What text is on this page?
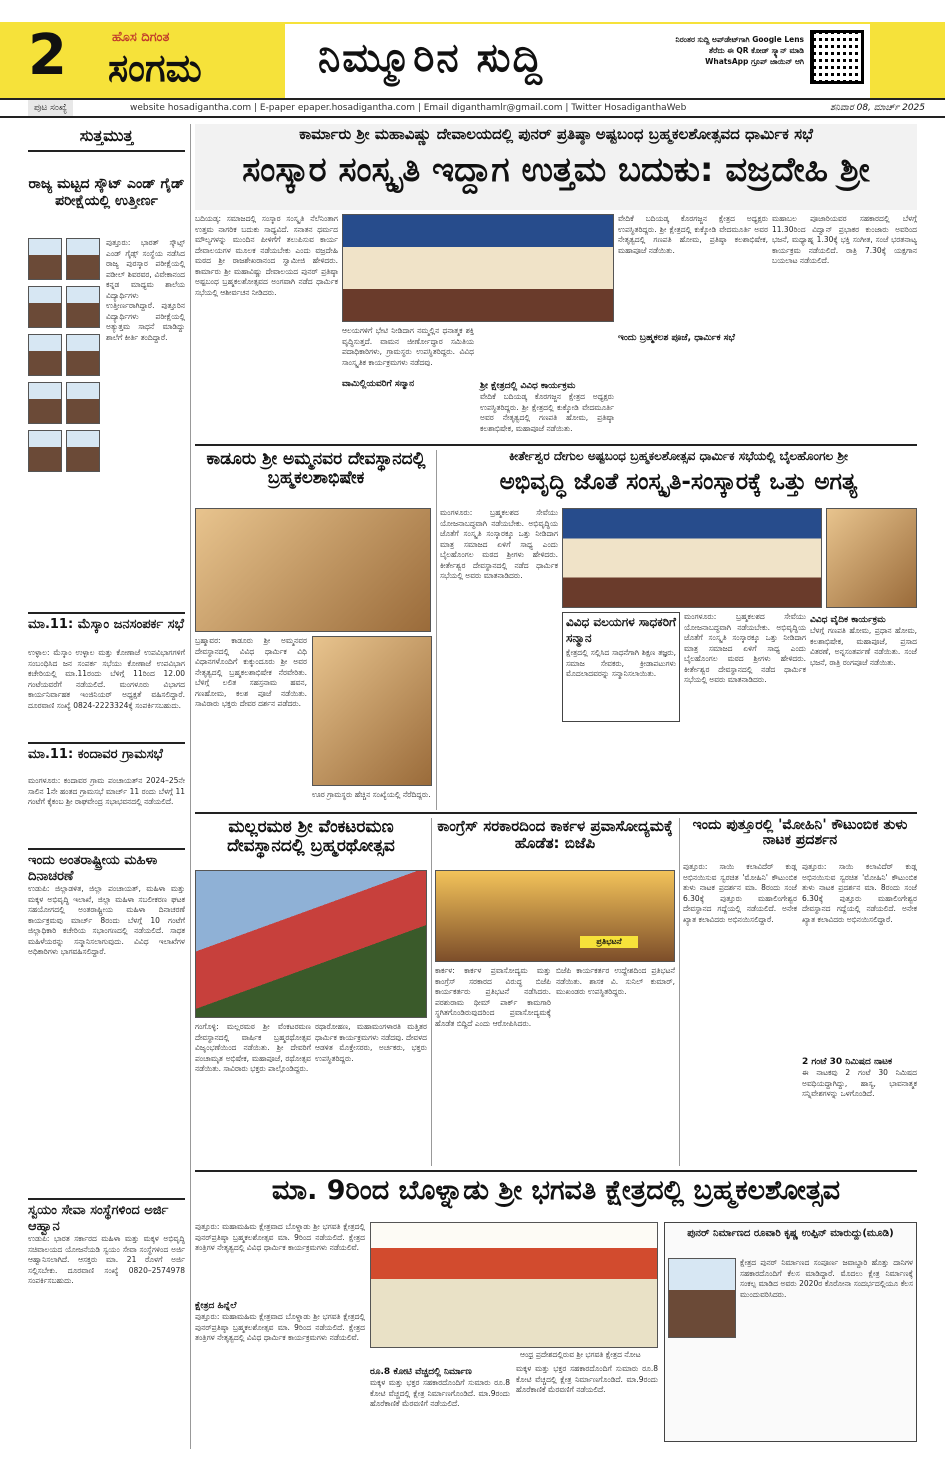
2	ಹೊಸ ದಿಗಂತ
ಸಂಗಮ	ನಿಮ್ಮೂರಿನ ಸುದ್ದಿ	ನಿರಂತರ ಸುದ್ದಿ ಅಪ್‌ಡೇಟ್‌ಗಾಗಿ Google Lens ತೆರೆದು ಈ QR ಕೋಡ್ ಸ್ಕ್ಯಾನ್ ಮಾಡಿ WhatsApp ಗ್ರೂಪ್ ಜಾಯಿನ್ ಆಗಿ
ಪುಟ ಸಂಖ್ಯೆ	website hosadiganthа.com | E-paper epaper.hosadigantha.com | Email diganthamlr@gmail.com | Twitter HosadiganthaWeb	ಶನಿವಾರ 08, ಮಾರ್ಚ್ 2025
ಸುತ್ತಮುತ್ತ
ರಾಜ್ಯ ಮಟ್ಟದ ಸ್ಕೌಟ್ ಎಂಡ್ ಗೈಡ್ ಪರೀಕ್ಷೆಯಲ್ಲಿ ಉತ್ತೀರ್ಣ
ಪುತ್ತೂರು: ಭಾರತ್ ಸ್ಕೌಟ್ಸ್ ಎಂಡ್ ಗೈಡ್ಸ್ ಸಂಸ್ಥೆಯ ನಡೆಸಿದ ರಾಜ್ಯ ಪುರಸ್ಕಾರ ಪರೀಕ್ಷೆಯಲ್ಲಿ ಪಡೀಲ್ ಶಿವರವರ, ವಿವೇಕಾನಂದ ಕನ್ನಡ ಮಾಧ್ಯಮ ಶಾಲೆಯ ವಿದ್ಯಾರ್ಥಿಗಳು ಉತ್ತೀರ್ಣರಾಗಿದ್ದಾರೆ. ಪುತ್ತೂರಿನ ವಿದ್ಯಾರ್ಥಿಗಳು ಪರೀಕ್ಷೆಯಲ್ಲಿ ಅತ್ಯುತ್ತಮ ಸಾಧನೆ ಮಾಡಿದ್ದು ಶಾಲೆಗೆ ಕೀರ್ತಿ ತಂದಿದ್ದಾರೆ.
ಮಾ.11: ಮೆಸ್ಕಾಂ ಜನಸಂಪರ್ಕ ಸಭೆ
ಉಳ್ಳಾಲ: ಮೆಸ್ಕಾಂ ಉಳ್ಳಾಲ ಮತ್ತು ಕೋಣಾಜೆ ಉಪವಿಭಾಗಗಳಿಗೆ ಸಂಬಂಧಿಸಿದ ಜನ ಸಂಪರ್ಕ ಸಭೆಯು ಕೋಣಾಜೆ ಉಪವಿಭಾಗ ಕಚೇರಿಯಲ್ಲಿ ಮಾ.11ರಂದು ಬೆಳಿಗ್ಗೆ 11ರಿಂದ 12.00 ಗಂಟೆಯವರೆಗೆ ನಡೆಯಲಿದೆ. ಮಂಗಳೂರು ವಿಭಾಗದ ಕಾರ್ಯನಿರ್ವಾಹಕ ಇಂಜಿನಿಯರ್ ಅಧ್ಯಕ್ಷತೆ ವಹಿಸಲಿದ್ದಾರೆ. ದೂರವಾಣಿ ಸಂಖ್ಯೆ 0824-2223324ಕ್ಕೆ ಸಂಪರ್ಕಿಸಬಹುದು.
ಮಾ.11: ಕಂದಾವರ ಗ್ರಾಮಸಭೆ
ಮಂಗಳೂರು: ಕಂದಾವರ ಗ್ರಾಮ ಪಂಚಾಯತ್‌ನ 2024–25ನೇ ಸಾಲಿನ 1ನೇ ಹಂತದ ಗ್ರಾಮಸಭೆ ಮಾರ್ಚ್ 11 ರಂದು ಬೆಳಗ್ಗೆ 11 ಗಂಟೆಗೆ ಕೈಕಂಬ ಶ್ರೀ ರಾಘವೇಂದ್ರ ಸಭಾಭವನದಲ್ಲಿ ನಡೆಯಲಿದೆ.
ಇಂದು ಅಂತರಾಷ್ಟ್ರೀಯ ಮಹಿಳಾ ದಿನಾಚರಣೆ
ಉಡುಪಿ: ಜಿಲ್ಲಾಡಳಿತ, ಜಿಲ್ಲಾ ಪಂಚಾಯತ್, ಮಹಿಳಾ ಮತ್ತು ಮಕ್ಕಳ ಅಭಿವೃದ್ಧಿ ಇಲಾಖೆ, ಜಿಲ್ಲಾ ಮಹಿಳಾ ಸಬಲೀಕರಣ ಘಟಕ ಸಹಯೋಗದಲ್ಲಿ ಅಂತರಾಷ್ಟ್ರೀಯ ಮಹಿಳಾ ದಿನಾಚರಣೆ ಕಾರ್ಯಕ್ರಮವು ಮಾರ್ಚ್ 8ರಂದು ಬೆಳಗ್ಗೆ 10 ಗಂಟೆಗೆ ಜಿಲ್ಲಾಧಿಕಾರಿ ಕಚೇರಿಯ ಸಭಾಂಗಣದಲ್ಲಿ ನಡೆಯಲಿದೆ. ಸಾಧಕ ಮಹಿಳೆಯರನ್ನು ಸನ್ಮಾನಿಸಲಾಗುವುದು. ವಿವಿಧ ಇಲಾಖೆಗಳ ಅಧಿಕಾರಿಗಳು ಭಾಗವಹಿಸಲಿದ್ದಾರೆ.
ಸ್ವಯಂ ಸೇವಾ ಸಂಸ್ಥೆಗಳಿಂದ ಅರ್ಜಿ ಆಹ್ವಾನ
ಉಡುಪಿ: ಭಾರತ ಸರ್ಕಾರದ ಮಹಿಳಾ ಮತ್ತು ಮಕ್ಕಳ ಅಭಿವೃದ್ಧಿ ಸಚಿವಾಲಯದ ಯೋಜನೆಯಡಿ ಸ್ವಯಂ ಸೇವಾ ಸಂಸ್ಥೆಗಳಿಂದ ಅರ್ಜಿ ಆಹ್ವಾನಿಸಲಾಗಿದೆ. ಆಸಕ್ತರು ಮಾ. 21 ರೊಳಗೆ ಅರ್ಜಿ ಸಲ್ಲಿಸಬೇಕು. ದೂರವಾಣಿ ಸಂಖ್ಯೆ 0820–2574978 ಸಂಪರ್ಕಿಸಬಹುದು.
ಕಾರ್ಮಾರು ಶ್ರೀ ಮಹಾವಿಷ್ಣು ದೇವಾಲಯದಲ್ಲಿ ಪುನರ್ ಪ್ರತಿಷ್ಠಾ ಅಷ್ಟಬಂಧ ಬ್ರಹ್ಮಕಲಶೋತ್ಸವದ ಧಾರ್ಮಿಕ ಸಭೆ
ಸಂಸ್ಕಾರ ಸಂಸ್ಕೃತಿ ಇದ್ದಾಗ ಉತ್ತಮ ಬದುಕು: ವಜ್ರದೇಹಿ ಶ್ರೀ
ಬದಿಯಡ್ಕ: ಸಮಾಜದಲ್ಲಿ ಸಂಸ್ಕಾರ ಸಂಸ್ಕೃತಿ ನೆಲೆನಿಂತಾಗ ಉತ್ತಮ ನಾಗರಿಕ ಬದುಕು ಸಾಧ್ಯವಿದೆ. ಸನಾತನ ಧರ್ಮದ ಮೌಲ್ಯಗಳನ್ನು ಮುಂದಿನ ಪೀಳಿಗೆಗೆ ತಲುಪಿಸುವ ಕಾರ್ಯ ದೇವಾಲಯಗಳ ಮೂಲಕ ನಡೆಯಬೇಕು ಎಂದು ವಜ್ರದೇಹಿ ಮಠದ ಶ್ರೀ ರಾಜಶೇಖರಾನಂದ ಸ್ವಾಮೀಜಿ ಹೇಳಿದರು. ಕಾರ್ಮಾರು ಶ್ರೀ ಮಹಾವಿಷ್ಣು ದೇವಾಲಯದ ಪುನರ್ ಪ್ರತಿಷ್ಠಾ ಅಷ್ಟಬಂಧ ಬ್ರಹ್ಮಕಲಶೋತ್ಸವದ ಅಂಗವಾಗಿ ನಡೆದ ಧಾರ್ಮಿಕ ಸಭೆಯಲ್ಲಿ ಆಶೀರ್ವಚನ ನೀಡಿದರು.
ಆಲಯಗಳಿಗೆ ಭೇಟಿ ನೀಡಿದಾಗ ನಮ್ಮಲ್ಲಿನ ಧನಾತ್ಮಕ ಶಕ್ತಿ ವೃದ್ಧಿಸುತ್ತದೆ. ವಾಮನ ಜೀರ್ಣೋದ್ಧಾರ ಸಮಿತಿಯ ಪದಾಧಿಕಾರಿಗಳು, ಗ್ರಾಮಸ್ಥರು ಉಪಸ್ಥಿತರಿದ್ದರು. ವಿವಿಧ ಸಾಂಸ್ಕೃತಿಕ ಕಾರ್ಯಕ್ರಮಗಳು ನಡೆದವು.
ವಾಮಿಲ್ಲಿಯವರಿಗೆ ಸನ್ಮಾನ	ಶ್ರೀ ಕ್ಷೇತ್ರದಲ್ಲಿ ವಿವಿಧ ಕಾರ್ಯಕ್ರಮ
ವೇದಿಕೆ ಬದಿಯಡ್ಕ ಕೊರಗಜ್ಜನ ಕ್ಷೇತ್ರದ ಅಧ್ಯಕ್ಷರು ಉಪಸ್ಥಿತರಿದ್ದರು. ಶ್ರೀ ಕ್ಷೇತ್ರದಲ್ಲಿ ಕುಕ್ಕೋಡಿ ವೇದಮೂರ್ತಿ ಅವರ ನೇತೃತ್ವದಲ್ಲಿ ಗಣಪತಿ ಹೋಮ, ಪ್ರತಿಷ್ಠಾ ಕಲಶಾಭಿಷೇಕ, ಮಹಾಪೂಜೆ ನಡೆಯಿತು.
ವೇದಿಕೆ ಬದಿಯಡ್ಕ ಕೊರಗಜ್ಜನ ಕ್ಷೇತ್ರದ ಅಧ್ಯಕ್ಷರು ಉಪಸ್ಥಿತರಿದ್ದರು. ಶ್ರೀ ಕ್ಷೇತ್ರದಲ್ಲಿ ಕುಕ್ಕೋಡಿ ವೇದಮೂರ್ತಿ ಅವರ ನೇತೃತ್ವದಲ್ಲಿ ಗಣಪತಿ ಹೋಮ, ಪ್ರತಿಷ್ಠಾ ಕಲಶಾಭಿಷೇಕ, ಮಹಾಪೂಜೆ ನಡೆಯಿತು.
ಇಂದು ಬ್ರಹ್ಮಕಲಶ ಪೂಜೆ, ಧಾರ್ಮಿಕ ಸಭೆ
ಮಹಾಬಲ ಪೂಜಾರಿಯವರ ಸಹಕಾರದಲ್ಲಿ ಬೆಳಗ್ಗೆ 11.30ರಿಂದ ವಿದ್ವಾನ್ ಪ್ರಭಾಕರ ಕುಂಜಾರು ಅವರಿಂದ ಭಜನೆ, ಮಧ್ಯಾಹ್ನ 1.30ಕ್ಕೆ ಭಕ್ತಿ ಸಂಗೀತ, ಸಂಜೆ ಭರತನಾಟ್ಯ ಕಾರ್ಯಕ್ರಮ ನಡೆಯಲಿದೆ. ರಾತ್ರಿ 7.30ಕ್ಕೆ ಯಕ್ಷಗಾನ ಬಯಲಾಟ ನಡೆಯಲಿದೆ.
ಕಾಡೂರು ಶ್ರೀ ಅಮ್ಮನವರ ದೇವಸ್ಥಾನದಲ್ಲಿ ಬ್ರಹ್ಮಕಲಶಾಭಿಷೇಕ
ಬ್ರಹ್ಮಾವರ: ಕಾಡೂರು ಶ್ರೀ ಅಮ್ಮನವರ ದೇವಸ್ಥಾನದಲ್ಲಿ ವಿವಿಧ ಧಾರ್ಮಿಕ ವಿಧಿ ವಿಧಾನಗಳೊಂದಿಗೆ ಕುಕ್ಕುಂದೂರು ಶ್ರೀ ಅವರ ನೇತೃತ್ವದಲ್ಲಿ ಬ್ರಹ್ಮಕಲಶಾಭಿಷೇಕ ನೆರವೇರಿತು. ಬೆಳಿಗ್ಗೆ ಲಲಿತ ಸಹಸ್ರನಾಮ ಹವನ, ಗಣಹೋಮ, ಕಲಶ ಪೂಜೆ ನಡೆಯಿತು. ಸಾವಿರಾರು ಭಕ್ತರು ದೇವರ ದರ್ಶನ ಪಡೆದರು.
ಊರ ಗ್ರಾಮಸ್ಥರು ಹೆಚ್ಚಿನ ಸಂಖ್ಯೆಯಲ್ಲಿ ನೆರೆದಿದ್ದರು.
ಕೀರ್ತೇಶ್ವರ ದೇಗುಲ ಅಷ್ಟಬಂಧ ಬ್ರಹ್ಮಕಲಶೋತ್ಸವ ಧಾರ್ಮಿಕ ಸಭೆಯಲ್ಲಿ ಬೈಲಹೊಂಗಲ ಶ್ರೀ
ಅಭಿವೃದ್ಧಿ ಜೊತೆ ಸಂಸ್ಕೃತಿ-ಸಂಸ್ಕಾರಕ್ಕೆ ಒತ್ತು ಅಗತ್ಯ
ಮಂಗಳೂರು: ಬ್ರಹ್ಮಕಲಶದ ಸೇವೆಯು ಯೋಜನಾಬದ್ಧವಾಗಿ ನಡೆಯಬೇಕು. ಅಭಿವೃದ್ಧಿಯ ಜೊತೆಗೆ ಸಂಸ್ಕೃತಿ ಸಂಸ್ಕಾರಕ್ಕೂ ಒತ್ತು ನೀಡಿದಾಗ ಮಾತ್ರ ಸಮಾಜದ ಏಳಿಗೆ ಸಾಧ್ಯ ಎಂದು ಬೈಲಹೊಂಗಲ ಮಠದ ಶ್ರೀಗಳು ಹೇಳಿದರು. ಕೀರ್ತೇಶ್ವರ ದೇವಸ್ಥಾನದಲ್ಲಿ ನಡೆದ ಧಾರ್ಮಿಕ ಸಭೆಯಲ್ಲಿ ಅವರು ಮಾತನಾಡಿದರು.
ವಿವಿಧ ವಲಯಗಳ ಸಾಧಕರಿಗೆ ಸನ್ಮಾನ
ಕ್ಷೇತ್ರದಲ್ಲಿ ಸಲ್ಲಿಸಿದ ಸಾಧನೆಗಾಗಿ ಶಿಕ್ಷಣ ತಜ್ಞರು, ಸಮಾಜ ಸೇವಕರು, ಕ್ರೀಡಾಪಟುಗಳು ಮೊದಲಾದವರನ್ನು ಸನ್ಮಾನಿಸಲಾಯಿತು.
ಮಂಗಳೂರು: ಬ್ರಹ್ಮಕಲಶದ ಸೇವೆಯು ಯೋಜನಾಬದ್ಧವಾಗಿ ನಡೆಯಬೇಕು. ಅಭಿವೃದ್ಧಿಯ ಜೊತೆಗೆ ಸಂಸ್ಕೃತಿ ಸಂಸ್ಕಾರಕ್ಕೂ ಒತ್ತು ನೀಡಿದಾಗ ಮಾತ್ರ ಸಮಾಜದ ಏಳಿಗೆ ಸಾಧ್ಯ ಎಂದು ಬೈಲಹೊಂಗಲ ಮಠದ ಶ್ರೀಗಳು ಹೇಳಿದರು. ಕೀರ್ತೇಶ್ವರ ದೇವಸ್ಥಾನದಲ್ಲಿ ನಡೆದ ಧಾರ್ಮಿಕ ಸಭೆಯಲ್ಲಿ ಅವರು ಮಾತನಾಡಿದರು.
ವಿವಿಧ ವೈದಿಕ ಕಾರ್ಯಕ್ರಮ
ಬೆಳಗ್ಗೆ ಗಣಪತಿ ಹೋಮ, ಪ್ರಧಾನ ಹೋಮ, ಕಲಶಾಭಿಷೇಕ, ಮಹಾಪೂಜೆ, ಪ್ರಸಾದ ವಿತರಣೆ, ಅನ್ನಸಂತರ್ಪಣೆ ನಡೆಯಿತು. ಸಂಜೆ ಭಜನೆ, ರಾತ್ರಿ ರಂಗಪೂಜೆ ನಡೆಯಿತು.
ಮಲ್ಲರಮಠ ಶ್ರೀ ವೆಂಕಟರಮಣ ದೇವಸ್ಥಾನದಲ್ಲಿ ಬ್ರಹ್ಮರಥೋತ್ಸವ
ಗಂಗೊಳ್ಳಿ: ಮಲ್ಲರಮಠ ಶ್ರೀ ವೆಂಕಟರಮಣ ದೇವಸ್ಥಾನದಲ್ಲಿ ವಾರ್ಷಿಕ ಬ್ರಹ್ಮರಥೋತ್ಸವ ವಿಜೃಂಭಣೆಯಿಂದ ನಡೆಯಿತು. ಶ್ರೀ ದೇವರಿಗೆ ಪಂಚಾಮೃತ ಅಭಿಷೇಕ, ಮಹಾಪೂಜೆ, ರಥೋತ್ಸವ ನಡೆಯಿತು. ಸಾವಿರಾರು ಭಕ್ತರು ಪಾಲ್ಗೊಂಡಿದ್ದರು.
ರಥಾರೋಹಣ, ಮಹಾಮಂಗಳಾರತಿ ಮತ್ತಿತರ ಧಾರ್ಮಿಕ ಕಾರ್ಯಕ್ರಮಗಳು ನಡೆದವು. ದೇವಳದ ಆಡಳಿತ ಮೊಕ್ತೇಸರರು, ಅರ್ಚಕರು, ಭಕ್ತರು ಉಪಸ್ಥಿತರಿದ್ದರು.
ಕಾಂಗ್ರೆಸ್ ಸರಕಾರದಿಂದ ಕಾರ್ಕಳ ಪ್ರವಾಸೋದ್ಯಮಕ್ಕೆ ಹೊಡೆತ: ಬಿಜೆಪಿ
ಪ್ರತಿಭಟನೆ
ಕಾರ್ಕಳ: ಕಾರ್ಕಳ ಪ್ರವಾಸೋದ್ಯಮ ಮತ್ತು ಕಾಂಗ್ರೆಸ್ ಸರಕಾರದ ವಿರುದ್ಧ ಬಿಜೆಪಿ ಕಾರ್ಯಕರ್ತರು ಪ್ರತಿಭಟನೆ ನಡೆಸಿದರು. ಪರಶುರಾಮ ಥೀಮ್ ಪಾರ್ಕ್ ಕಾಮಗಾರಿ ಸ್ಥಗಿತಗೊಂಡಿರುವುದರಿಂದ ಪ್ರವಾಸೋದ್ಯಮಕ್ಕೆ ಹೊಡೆತ ಬಿದ್ದಿದೆ ಎಂದು ಆರೋಪಿಸಿದರು.
ಬಿಜೆಪಿ ಕಾರ್ಯಕರ್ತರ ಉದ್ದೇಶದಿಂದ ಪ್ರತಿಭಟನೆ ನಡೆಯಿತು. ಶಾಸಕ ವಿ. ಸುನಿಲ್ ಕುಮಾರ್, ಮುಖಂಡರು ಉಪಸ್ಥಿತರಿದ್ದರು.
ಇಂದು ಪುತ್ತೂರಲ್ಲಿ 'ಮೋಹಿನಿ' ಕೌಟುಂಬಿಕ ತುಳು ನಾಟಕ ಪ್ರದರ್ಶನ
ಪುತ್ತೂರು: ಸಾಯಿ ಕಲಾವಿದೆರ್ ಕುಡ್ಲ ಅಭಿನಯಿಸುವ ಸ್ವರಚಿತ 'ಮೋಹಿನಿ' ಕೌಟುಂಬಿಕ ತುಳು ನಾಟಕ ಪ್ರದರ್ಶನ ಮಾ. 8ರಂದು ಸಂಜೆ 6.30ಕ್ಕೆ ಪುತ್ತೂರು ಮಹಾಲಿಂಗೇಶ್ವರ ದೇವಸ್ಥಾನದ ಗದ್ದೆಯಲ್ಲಿ ನಡೆಯಲಿದೆ. ಅನೇಕ ಖ್ಯಾತ ಕಲಾವಿದರು ಅಭಿನಯಿಸಲಿದ್ದಾರೆ.
ಪುತ್ತೂರು: ಸಾಯಿ ಕಲಾವಿದೆರ್ ಕುಡ್ಲ ಅಭಿನಯಿಸುವ ಸ್ವರಚಿತ 'ಮೋಹಿನಿ' ಕೌಟುಂಬಿಕ ತುಳು ನಾಟಕ ಪ್ರದರ್ಶನ ಮಾ. 8ರಂದು ಸಂಜೆ 6.30ಕ್ಕೆ ಪುತ್ತೂರು ಮಹಾಲಿಂಗೇಶ್ವರ ದೇವಸ್ಥಾನದ ಗದ್ದೆಯಲ್ಲಿ ನಡೆಯಲಿದೆ. ಅನೇಕ ಖ್ಯಾತ ಕಲಾವಿದರು ಅಭಿನಯಿಸಲಿದ್ದಾರೆ.
2 ಗಂಟೆ 30 ನಿಮಿಷದ ನಾಟಕ
ಈ ನಾಟಕವು 2 ಗಂಟೆ 30 ನಿಮಿಷದ ಅವಧಿಯದ್ದಾಗಿದ್ದು, ಹಾಸ್ಯ, ಭಾವನಾತ್ಮಕ ಸನ್ನಿವೇಶಗಳನ್ನು ಒಳಗೊಂಡಿದೆ.
ಮಾ. 9ರಿಂದ ಬೊಳ್ನಾಡು ಶ್ರೀ ಭಗವತಿ ಕ್ಷೇತ್ರದಲ್ಲಿ ಬ್ರಹ್ಮಕಲಶೋತ್ಸವ
ಪುತ್ತೂರು: ಮಹಾಮಹಿಮ ಕ್ಷೇತ್ರವಾದ ಬೊಳ್ನಾಡು ಶ್ರೀ ಭಗವತಿ ಕ್ಷೇತ್ರದಲ್ಲಿ ಪುನರ್‌ಪ್ರತಿಷ್ಠಾ ಬ್ರಹ್ಮಕಲಶೋತ್ಸವ ಮಾ. 9ರಿಂದ ನಡೆಯಲಿದೆ. ಕ್ಷೇತ್ರದ ತಂತ್ರಿಗಳ ನೇತೃತ್ವದಲ್ಲಿ ವಿವಿಧ ಧಾರ್ಮಿಕ ಕಾರ್ಯಕ್ರಮಗಳು ನಡೆಯಲಿವೆ.
ಕ್ಷೇತ್ರದ ಹಿನ್ನೆಲೆ
ಪುತ್ತೂರು: ಮಹಾಮಹಿಮ ಕ್ಷೇತ್ರವಾದ ಬೊಳ್ನಾಡು ಶ್ರೀ ಭಗವತಿ ಕ್ಷೇತ್ರದಲ್ಲಿ ಪುನರ್‌ಪ್ರತಿಷ್ಠಾ ಬ್ರಹ್ಮಕಲಶೋತ್ಸವ ಮಾ. 9ರಿಂದ ನಡೆಯಲಿದೆ. ಕ್ಷೇತ್ರದ ತಂತ್ರಿಗಳ ನೇತೃತ್ವದಲ್ಲಿ ವಿವಿಧ ಧಾರ್ಮಿಕ ಕಾರ್ಯಕ್ರಮಗಳು ನಡೆಯಲಿವೆ.
ಆಂಧ್ರ ಪ್ರದೇಶದಲ್ಲಿರುವ ಶ್ರೀ ಭಗವತಿ ಕ್ಷೇತ್ರದ ನೋಟ
ರೂ.8 ಕೋಟಿ ವೆಚ್ಚದಲ್ಲಿ ನಿರ್ಮಾಣ
ಮಕ್ಕಳ ಮತ್ತು ಭಕ್ತರ ಸಹಕಾರದೊಂದಿಗೆ ಸುಮಾರು ರೂ.8 ಕೋಟಿ ವೆಚ್ಚದಲ್ಲಿ ಕ್ಷೇತ್ರ ನಿರ್ಮಾಣಗೊಂಡಿದೆ. ಮಾ.9ರಂದು ಹೊರೆಕಾಣಿಕೆ ಮೆರವಣಿಗೆ ನಡೆಯಲಿದೆ.
ಮಕ್ಕಳ ಮತ್ತು ಭಕ್ತರ ಸಹಕಾರದೊಂದಿಗೆ ಸುಮಾರು ರೂ.8 ಕೋಟಿ ವೆಚ್ಚದಲ್ಲಿ ಕ್ಷೇತ್ರ ನಿರ್ಮಾಣಗೊಂಡಿದೆ. ಮಾ.9ರಂದು ಹೊರೆಕಾಣಿಕೆ ಮೆರವಣಿಗೆ ನಡೆಯಲಿದೆ.
ಪುನರ್ ನಿರ್ಮಾಣದ ರೂವಾರಿ ಕೃಷ್ಣ ಉಪ್ಪಿನ್ ಮಾರುದ್ದು(ಮೂಡಿ)
ಕ್ಷೇತ್ರದ ಪುನರ್ ನಿರ್ಮಾಣದ ಸಂಪೂರ್ಣ ಜವಾಬ್ದಾರಿ ಹೊತ್ತು ದಾನಿಗಳ ಸಹಕಾರದೊಂದಿಗೆ ಕೆಲಸ ಮಾಡಿದ್ದಾರೆ. ಮೊದಲು ಕ್ಷೇತ್ರ ನಿರ್ಮಾಣಕ್ಕೆ ಸಂಕಲ್ಪ ಮಾಡಿದ ಅವರು 2020ರ ಕೊರೋನಾ ಸಂದರ್ಭದಲ್ಲಿಯೂ ಕೆಲಸ ಮುಂದುವರಿಸಿದರು.
